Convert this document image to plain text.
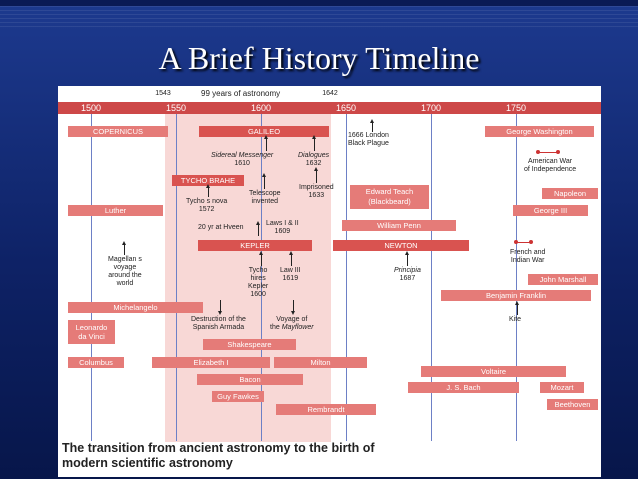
A Brief History Timeline
1543	99 years of astronomy	1642
1500	1550	1600	1650	1700	1750
COPERNICUS	GALILEO
TYCHO BRAHE
KEPLER	NEWTON
Luther
Michelangelo
Leonardo
da Vinci
Columbus	Elizabeth I	Milton
Shakespeare
Bacon
Guy Fawkes
Rembrandt
Edward Teach
(Blackbeard)
William Penn
George Washington
Napoleon
George III
John Marshall
Benjamin Franklin
Voltaire
J. S. Bach	Mozart
Beethoven
1666 London
Black Plague
Sidereal Messenger
1610
Dialogues
1632
Imprisoned
1633
Telescope
invented
Tycho s nova
1572
20 yr at Hveen
Laws I & II
1609
Magellan s
voyage
around the
world
Tycho
hires
Kepler
1600
Law III
1619
Principia
1687
American War
of Independence
French and
Indian War
Kite
Destruction of the
Spanish Armada
Voyage of
the Mayflower
The transition from ancient astronomy to the birth of
modern scientific astronomy
